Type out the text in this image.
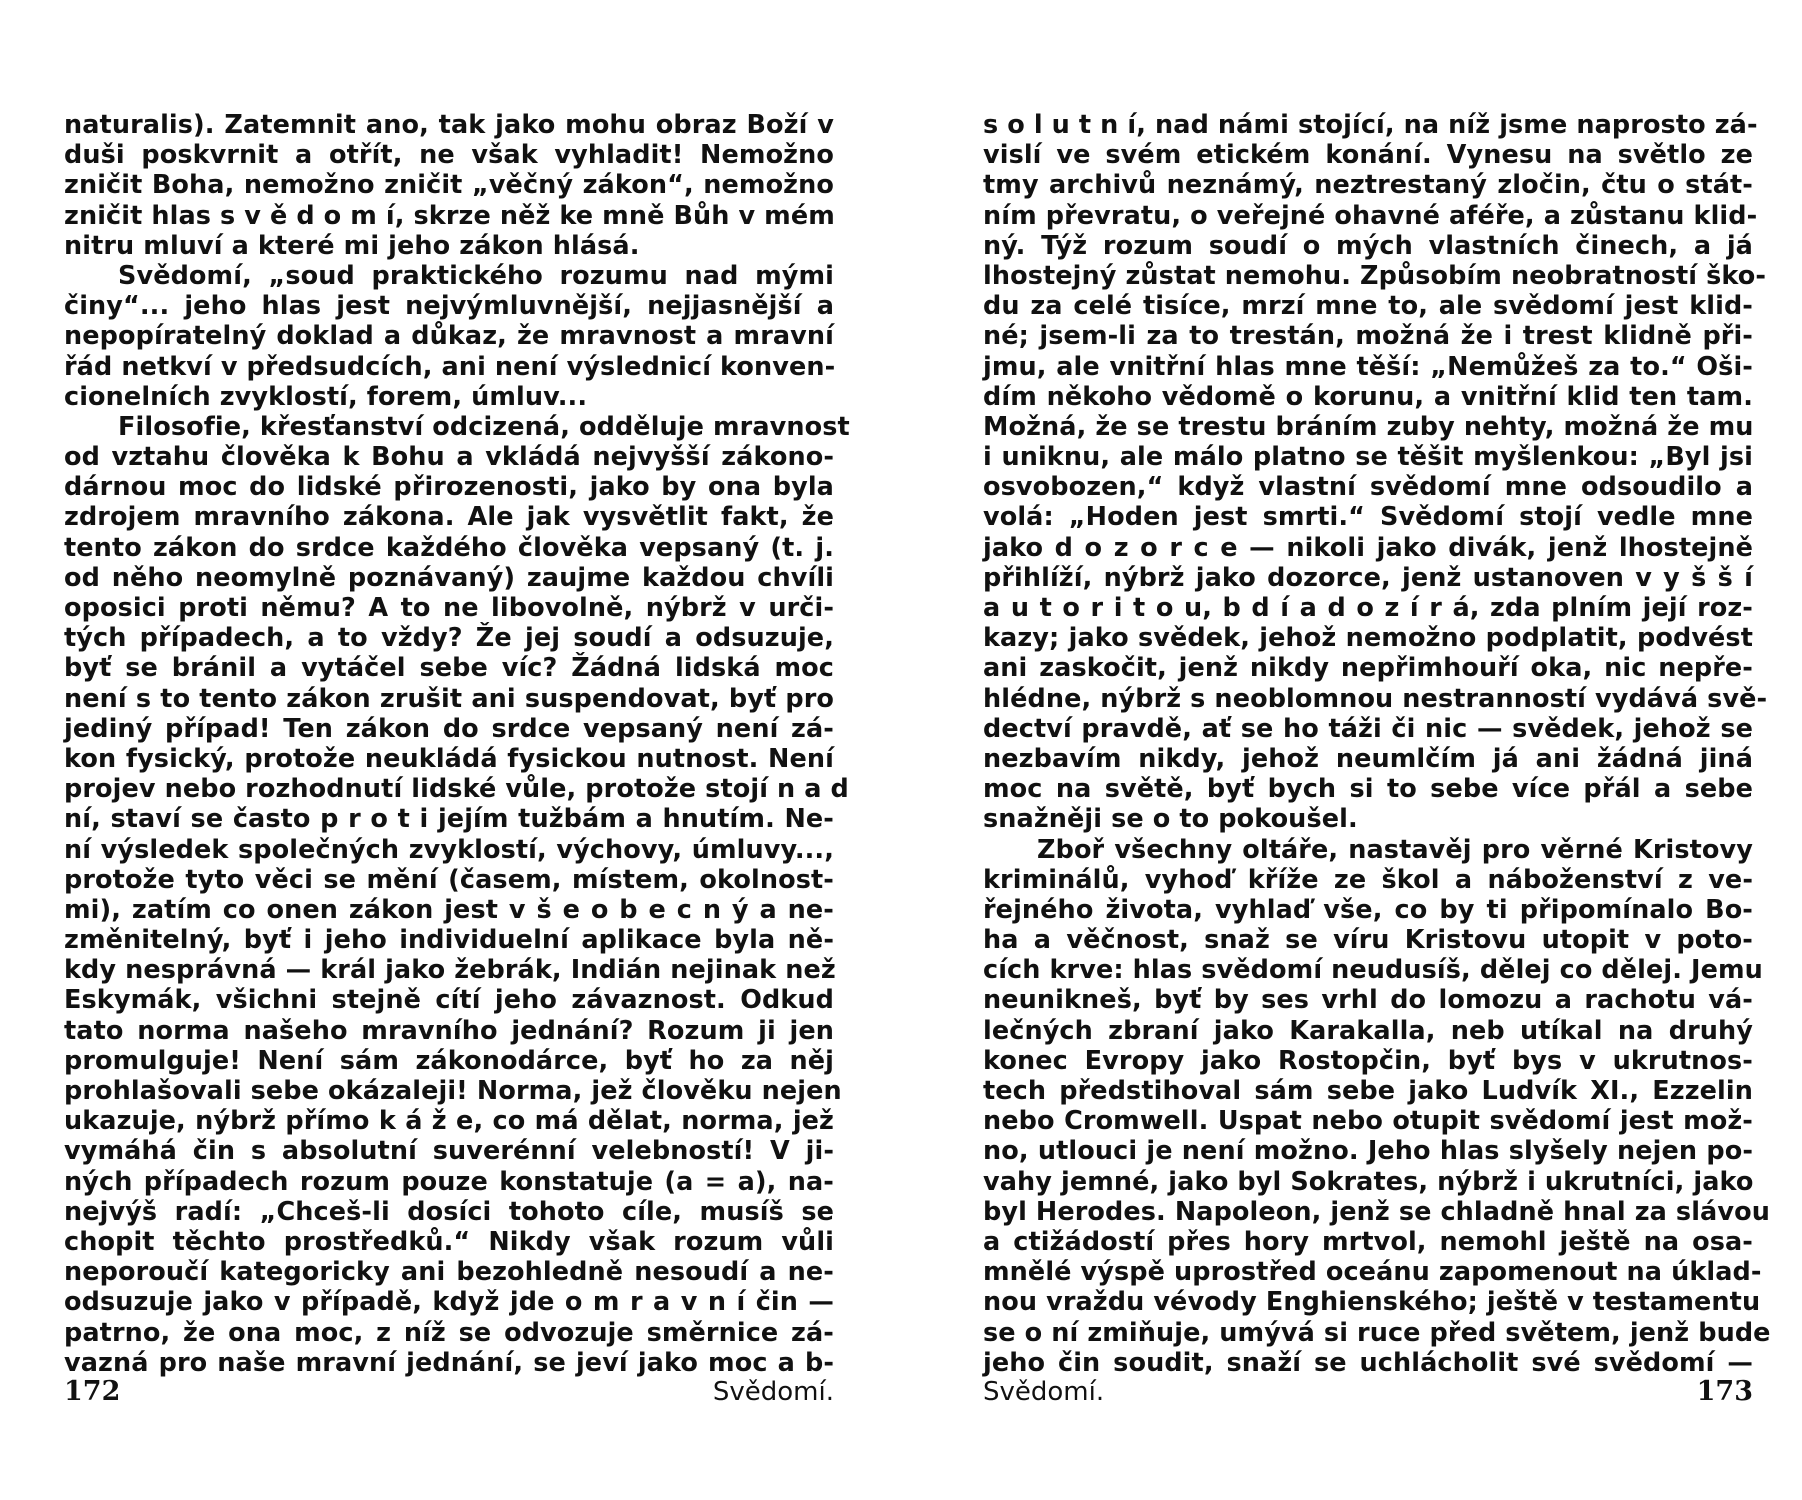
naturalis). Zatemnit ano, tak jako mohu obraz Boží v
duši poskvrnit a otřít, ne však vyhladit! Nemožno
zničit Boha, nemožno zničit „věčný zákon“, nemožno
zničit hlas s v ě d o m í, skrze něž ke mně Bůh v mém
nitru mluví a které mi jeho zákon hlásá.
Svědomí, „soud praktického rozumu nad mými
činy“... jeho hlas jest nejvýmluvnější, nejjasnější a
nepopíratelný doklad a důkaz, že mravnost a mravní
řád netkví v předsudcích, ani není výslednicí konven-
cionelních zvyklostí, forem, úmluv...
Filosofie, křesťanství odcizená, odděluje mravnost
od vztahu člověka k Bohu a vkládá nejvyšší zákono-
dárnou moc do lidské přirozenosti, jako by ona byla
zdrojem mravního zákona. Ale jak vysvětlit fakt, že
tento zákon do srdce každého člověka vepsaný (t. j.
od něho neomylně poznávaný) zaujme každou chvíli
oposici proti němu? A to ne libovolně, nýbrž v urči-
tých případech, a to vždy? Že jej soudí a odsuzuje,
byť se bránil a vytáčel sebe víc? Žádná lidská moc
není s to tento zákon zrušit ani suspendovat, byť pro
jediný případ! Ten zákon do srdce vepsaný není zá-
kon fysický, protože neukládá fysickou nutnost. Není
projev nebo rozhodnutí lidské vůle, protože stojí n a d
ní, staví se často p r o t i jejím tužbám a hnutím. Ne-
ní výsledek společných zvyklostí, výchovy, úmluvy...,
protože tyto věci se mění (časem, místem, okolnost-
mi), zatím co onen zákon jest v š e o b e c n ý a ne-
změnitelný, byť i jeho individuelní aplikace byla ně-
kdy nesprávná — král jako žebrák, Indián nejinak než
Eskymák, všichni stejně cítí jeho závaznost. Odkud
tato norma našeho mravního jednání? Rozum ji jen
promulguje! Není sám zákonodárce, byť ho za něj
prohlašovali sebe okázaleji! Norma, jež člověku nejen
ukazuje, nýbrž přímo k á ž e, co má dělat, norma, jež
vymáhá čin s absolutní suverénní velebností! V ji-
ných případech rozum pouze konstatuje (a = a), na-
nejvýš radí: „Chceš-li dosíci tohoto cíle, musíš se
chopit těchto prostředků.“ Nikdy však rozum vůli
neporoučí kategoricky ani bezohledně nesoudí a ne-
odsuzuje jako v případě, když jde o m r a v n í čin —
patrno, že ona moc, z níž se odvozuje směrnice zá-
vazná pro naše mravní jednání, se jeví jako moc a b-
172	Svědomí.
s o l u t n í, nad námi stojící, na níž jsme naprosto zá-
vislí ve svém etickém konání. Vynesu na světlo ze
tmy archivů neznámý, neztrestaný zločin, čtu o stát-
ním převratu, o veřejné ohavné aféře, a zůstanu klid-
ný. Týž rozum soudí o mých vlastních činech, a já
lhostejný zůstat nemohu. Způsobím neobratností ško-
du za celé tisíce, mrzí mne to, ale svědomí jest klid-
né; jsem-li za to trestán, možná že i trest klidně při-
jmu, ale vnitřní hlas mne těší: „Nemůžeš za to.“ Oši-
dím někoho vědomě o korunu, a vnitřní klid ten tam.
Možná, že se trestu bráním zuby nehty, možná že mu
i uniknu, ale málo platno se těšit myšlenkou: „Byl jsi
osvobozen,“ když vlastní svědomí mne odsoudilo a
volá: „Hoden jest smrti.“ Svědomí stojí vedle mne
jako d o z o r c e — nikoli jako divák, jenž lhostejně
přihlíží, nýbrž jako dozorce, jenž ustanoven v y š š í
a u t o r i t o u, b d í a d o z í r á, zda plním její roz-
kazy; jako svědek, jehož nemožno podplatit, podvést
ani zaskočit, jenž nikdy nepřimhouří oka, nic nepře-
hlédne, nýbrž s neoblomnou nestranností vydává svě-
dectví pravdě, ať se ho táži či nic — svědek, jehož se
nezbavím nikdy, jehož neumlčím já ani žádná jiná
moc na světě, byť bych si to sebe více přál a sebe
snažněji se o to pokoušel.
Zboř všechny oltáře, nastavěj pro věrné Kristovy
kriminálů, vyhoď kříže ze škol a náboženství z ve-
řejného života, vyhlaď vše, co by ti připomínalo Bo-
ha a věčnost, snaž se víru Kristovu utopit v poto-
cích krve: hlas svědomí neudusíš, dělej co dělej. Jemu
neunikneš, byť by ses vrhl do lomozu a rachotu vá-
lečných zbraní jako Karakalla, neb utíkal na druhý
konec Evropy jako Rostopčin, byť bys v ukrutnos-
tech předstihoval sám sebe jako Ludvík XI., Ezzelin
nebo Cromwell. Uspat nebo otupit svědomí jest mož-
no, utlouci je není možno. Jeho hlas slyšely nejen po-
vahy jemné, jako byl Sokrates, nýbrž i ukrutníci, jako
byl Herodes. Napoleon, jenž se chladně hnal za slávou
a ctižádostí přes hory mrtvol, nemohl ještě na osa-
mnělé výspě uprostřed oceánu zapomenout na úklad-
nou vraždu vévody Enghienského; ještě v testamentu
se o ní zmiňuje, umývá si ruce před světem, jenž bude
jeho čin soudit, snaží se uchlácholit své svědomí —
Svědomí.	173
